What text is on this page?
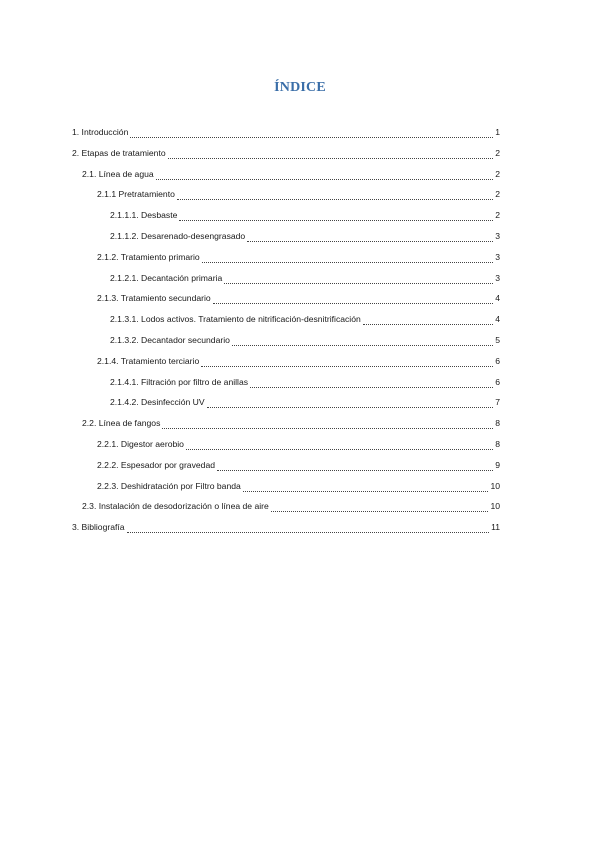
ÍNDICE
1. Introducción	1
2. Etapas de tratamiento	2
2.1. Línea de agua	2
2.1.1 Pretratamiento	2
2.1.1.1. Desbaste	2
2.1.1.2. Desarenado-desengrasado	3
2.1.2. Tratamiento primario	3
2.1.2.1. Decantación primaria	3
2.1.3. Tratamiento secundario	4
2.1.3.1. Lodos activos. Tratamiento de nitrificación-desnitrificación	4
2.1.3.2. Decantador secundario	5
2.1.4. Tratamiento terciario	6
2.1.4.1. Filtración por filtro de anillas	6
2.1.4.2. Desinfección UV	7
2.2. Línea de fangos	8
2.2.1. Digestor aerobio	8
2.2.2. Espesador por gravedad	9
2.2.3. Deshidratación por Filtro banda	10
2.3. Instalación de desodorización o línea de aire	10
3. Bibliografía	11
